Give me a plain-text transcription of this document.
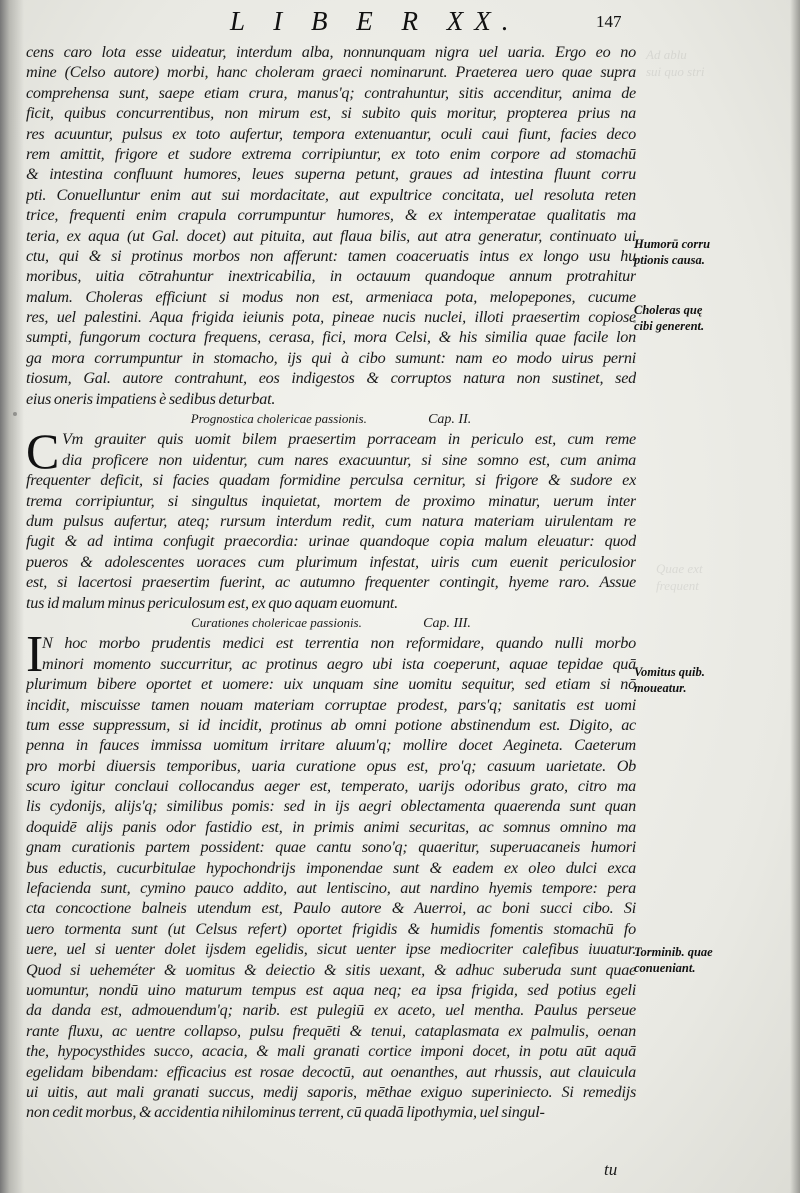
L I B E R XX.	147
Ad ablu
sui quo stri
Quae ext
frequent
cens caro lota esse uideatur, interdum alba, nonnunquam nigra uel uaria. Ergo eo no
mine (Celso autore) morbi, hanc choleram graeci nominarunt. Praeterea uero quae supra
comprehensa sunt, saepe etiam crura, manus'q; contrahuntur, sitis accenditur, anima de
ficit, quibus concurrentibus, non mirum est, si subito quis moritur, propterea prius na
res acuuntur, pulsus ex toto aufertur, tempora extenuantur, oculi caui fiunt, facies deco
rem amittit, frigore et sudore extrema corripiuntur, ex toto enim corpore ad stomachū
& intestina confluunt humores, leues superna petunt, graues ad intestina fluunt corru
pti. Conuelluntur enim aut sui mordacitate, aut expultrice concitata, uel resoluta reten
trice, frequenti enim crapula corrumpuntur humores, & ex intemperatae qualitatis ma
teria, ex aqua (ut Gal. docet) aut pituita, aut flaua bilis, aut atra generatur, continuato ui
ctu, qui & si protinus morbos non afferunt: tamen coaceruatis intus ex longo usu hu
moribus, uitia cōtrahuntur inextricabilia, in octauum quandoque annum protrahitur
malum. Choleras efficiunt si modus non est, armeniaca pota, melopepones, cucume
res, uel palestini. Aqua frigida ieiunis pota, pineae nucis nuclei, illoti praesertim copiose
sumpti, fungorum coctura frequens, cerasa, fici, mora Celsi, & his similia quae facile lon
ga mora corrumpuntur in stomacho, ijs qui à cibo sumunt: nam eo modo uirus perni
tiosum, Gal. autore contrahunt, eos indigestos & corruptos natura non sustinet, sed
eius oneris impatiens è sedibus deturbat.
Prognostica cholericae passionis.	Cap. II.
C Vm grauiter quis uomit bilem praesertim porraceam in periculo est, cum reme
dia proficere non uidentur, cum nares exacuuntur, si sine somno est, cum anima
frequenter deficit, si facies quadam formidine perculsa cernitur, si frigore & sudore ex
trema corripiuntur, si singultus inquietat, mortem de proximo minatur, uerum inter
dum pulsus aufertur, ateq; rursum interdum redit, cum natura materiam uirulentam re
fugit & ad intima confugit praecordia: urinae quandoque copia malum eleuatur: quod
pueros & adolescentes uoraces cum plurimum infestat, uiris cum euenit periculosior
est, si lacertosi praesertim fuerint, ac autumno frequenter contingit, hyeme raro. Assue
tus id malum minus periculosum est, ex quo aquam euomunt.
Curationes cholericae passionis.	Cap. III.
I
N hoc morbo prudentis medici est terrentia non reformidare, quando nulli morbo
minori momento succurritur, ac protinus aegro ubi ista coeperunt, aquae tepidae quā
plurimum bibere oportet et uomere: uix unquam sine uomitu sequitur, sed etiam si nō
incidit, miscuisse tamen nouam materiam corruptae prodest, pars'q; sanitatis est uomi
tum esse suppressum, si id incidit, protinus ab omni potione abstinendum est. Digito, ac
penna in fauces immissa uomitum irritare aluum'q; mollire docet Aegineta. Caeterum
pro morbi diuersis temporibus, uaria curatione opus est, pro'q; casuum uarietate. Ob
scuro igitur conclaui collocandus aeger est, temperato, uarijs odoribus grato, citro ma
lis cydonijs, alijs'q; similibus pomis: sed in ijs aegri oblectamenta quaerenda sunt quan
doquidē alijs panis odor fastidio est, in primis animi securitas, ac somnus omnino ma
gnam curationis partem possident: quae cantu sono'q; quaeritur, superuacaneis humori
bus eductis, cucurbitulae hypochondrijs imponendae sunt & eadem ex oleo dulci exca
lefacienda sunt, cymino pauco addito, aut lentiscino, aut nardino hyemis tempore: pera
cta concoctione balneis utendum est, Paulo autore & Auerroi, ac boni succi cibo. Si
uero tormenta sunt (ut Celsus refert) oportet frigidis & humidis fomentis stomachū fo
uere, uel si uenter dolet ijsdem egelidis, sicut uenter ipse mediocriter calefibus iuuatur.
Quod si ueheméter & uomitus & deiectio & sitis uexant, & adhuc suberuda sunt quae
uomuntur, nondū uino maturum tempus est aqua neq; ea ipsa frigida, sed potius egeli
da danda est, admouendum'q; narib. est pulegiū ex aceto, uel mentha. Paulus perseue
rante fluxu, ac uentre collapso, pulsu frequēti & tenui, cataplasmata ex palmulis, oenan
the, hypocysthides succo, acacia, & mali granati cortice imponi docet, in potu aūt aquā
egelidam bibendam: efficacius est rosae decoctū, aut oenanthes, aut rhussis, aut clauicula
ui uitis, aut mali granati succus, medij saporis, mēthae exiguo superiniecto. Si remedijs
non cedit morbus, & accidentia nihilominus terrent, cū quadā lipothymia, uel singul-
Humorū corru
ptionis causa.
Choleras quę
cibi generent.
Vomitus quib.
moueatur.
Torminib. quae
conueniant.
tu
